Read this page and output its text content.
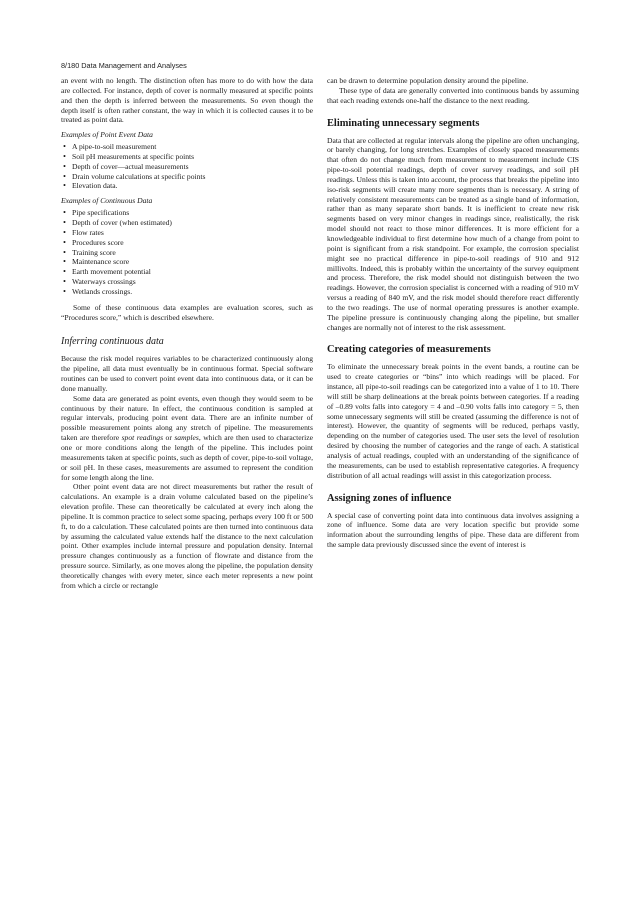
8/180 Data Management and Analyses

an event with no length. The distinction often has more to do with how the data are collected. For instance, depth of cover is normally measured at specific points and then the depth is inferred between the measurements. So even though the depth itself is often rather constant, the way in which it is collected causes it to be treated as point data.

Examples of Point Event Data
• A pipe-to-soil measurement
• Soil pH measurements at specific points
• Depth of cover—actual measurements
• Drain volume calculations at specific points
• Elevation data.
Examples of Continuous Data
• Pipe specifications
• Depth of cover (when estimated)
• Flow rates
• Procedures score
• Training score
• Maintenance score
• Earth movement potential
• Waterways crossings
• Wetlands crossings.

Some of these continuous data examples are evaluation scores, such as “Procedures score,” which is described elsewhere.

Inferring continuous data

Because the risk model requires variables to be characterized continuously along the pipeline, all data must eventually be in continuous format. Special software routines can be used to convert point event data into continuous data, or it can be done manually.

Some data are generated as point events, even though they would seem to be continuous by their nature. In effect, the continuous condition is sampled at regular intervals, producing point event data. There are an infinite number of possible measurement points along any stretch of pipeline. The measurements taken are therefore spot readings or samples, which are then used to characterize one or more conditions along the length of the pipeline. This includes point measurements taken at specific points, such as depth of cover, pipe-to-soil voltage, or soil pH. In these cases, measurements are assumed to represent the condition for some length along the line.

Other point event data are not direct measurements but rather the result of calculations. An example is a drain volume calculated based on the pipeline’s elevation profile. These can theoretically be calculated at every inch along the pipeline. It is common practice to select some spacing, perhaps every 100 ft or 500 ft, to do a calculation. These calculated points are then turned into continuous data by assuming the calculated value extends half the distance to the next calculation point. Other examples include internal pressure and population density. Internal pressure changes continuously as a function of flowrate and distance from the pressure source. Similarly, as one moves along the pipeline, the population density theoretically changes with every meter, since each meter represents a new point from which a circle or rectangle

can be drawn to determine population density around the pipeline.

These type of data are generally converted into continuous bands by assuming that each reading extends one-half the distance to the next reading.

Eliminating unnecessary segments

Data that are collected at regular intervals along the pipeline are often unchanging, or barely changing, for long stretches. Examples of closely spaced measurements that often do not change much from measurement to measurement include CIS pipe-to-soil potential readings, depth of cover survey readings, and soil pH readings. Unless this is taken into account, the process that breaks the pipeline into iso-risk segments will create many more segments than is necessary. A string of relatively consistent measurements can be treated as a single band of information, rather than as many separate short bands. It is inefficient to create new risk segments based on very minor changes in readings since, realistically, the risk model should not react to those minor differences. It is more efficient for a knowledgeable individual to first determine how much of a change from point to point is significant from a risk standpoint. For example, the corrosion specialist might see no practical difference in pipe-to-soil readings of 910 and 912 millivolts. Indeed, this is probably within the uncertainty of the survey equipment and process. Therefore, the risk model should not distinguish between the two readings. However, the corrosion specialist is concerned with a reading of 910 mV versus a reading of 840 mV, and the risk model should therefore react differently to the two readings. The use of normal operating pressures is another example. The pipeline pressure is continuously changing along the pipeline, but smaller changes are normally not of interest to the risk assessment.

Creating categories of measurements

To eliminate the unnecessary break points in the event bands, a routine can be used to create categories or “bins” into which readings will be placed. For instance, all pipe-to-soil readings can be categorized into a value of 1 to 10. There will still be sharp delineations at the break points between categories. If a reading of –0.89 volts falls into category = 4 and –0.90 volts falls into category = 5, then some unnecessary segments will still be created (assuming the difference is not of interest). However, the quantity of segments will be reduced, perhaps vastly, depending on the number of categories used. The user sets the level of resolution desired by choosing the number of categories and the range of each. A statistical analysis of actual readings, coupled with an understanding of the significance of the measurements, can be used to establish representative categories. A frequency distribution of all actual readings will assist in this categorization process.

Assigning zones of influence

A special case of converting point data into continuous data involves assigning a zone of influence. Some data are very location specific but provide some information about the surrounding lengths of pipe. These data are different from the sample data previously discussed since the event of interest is
